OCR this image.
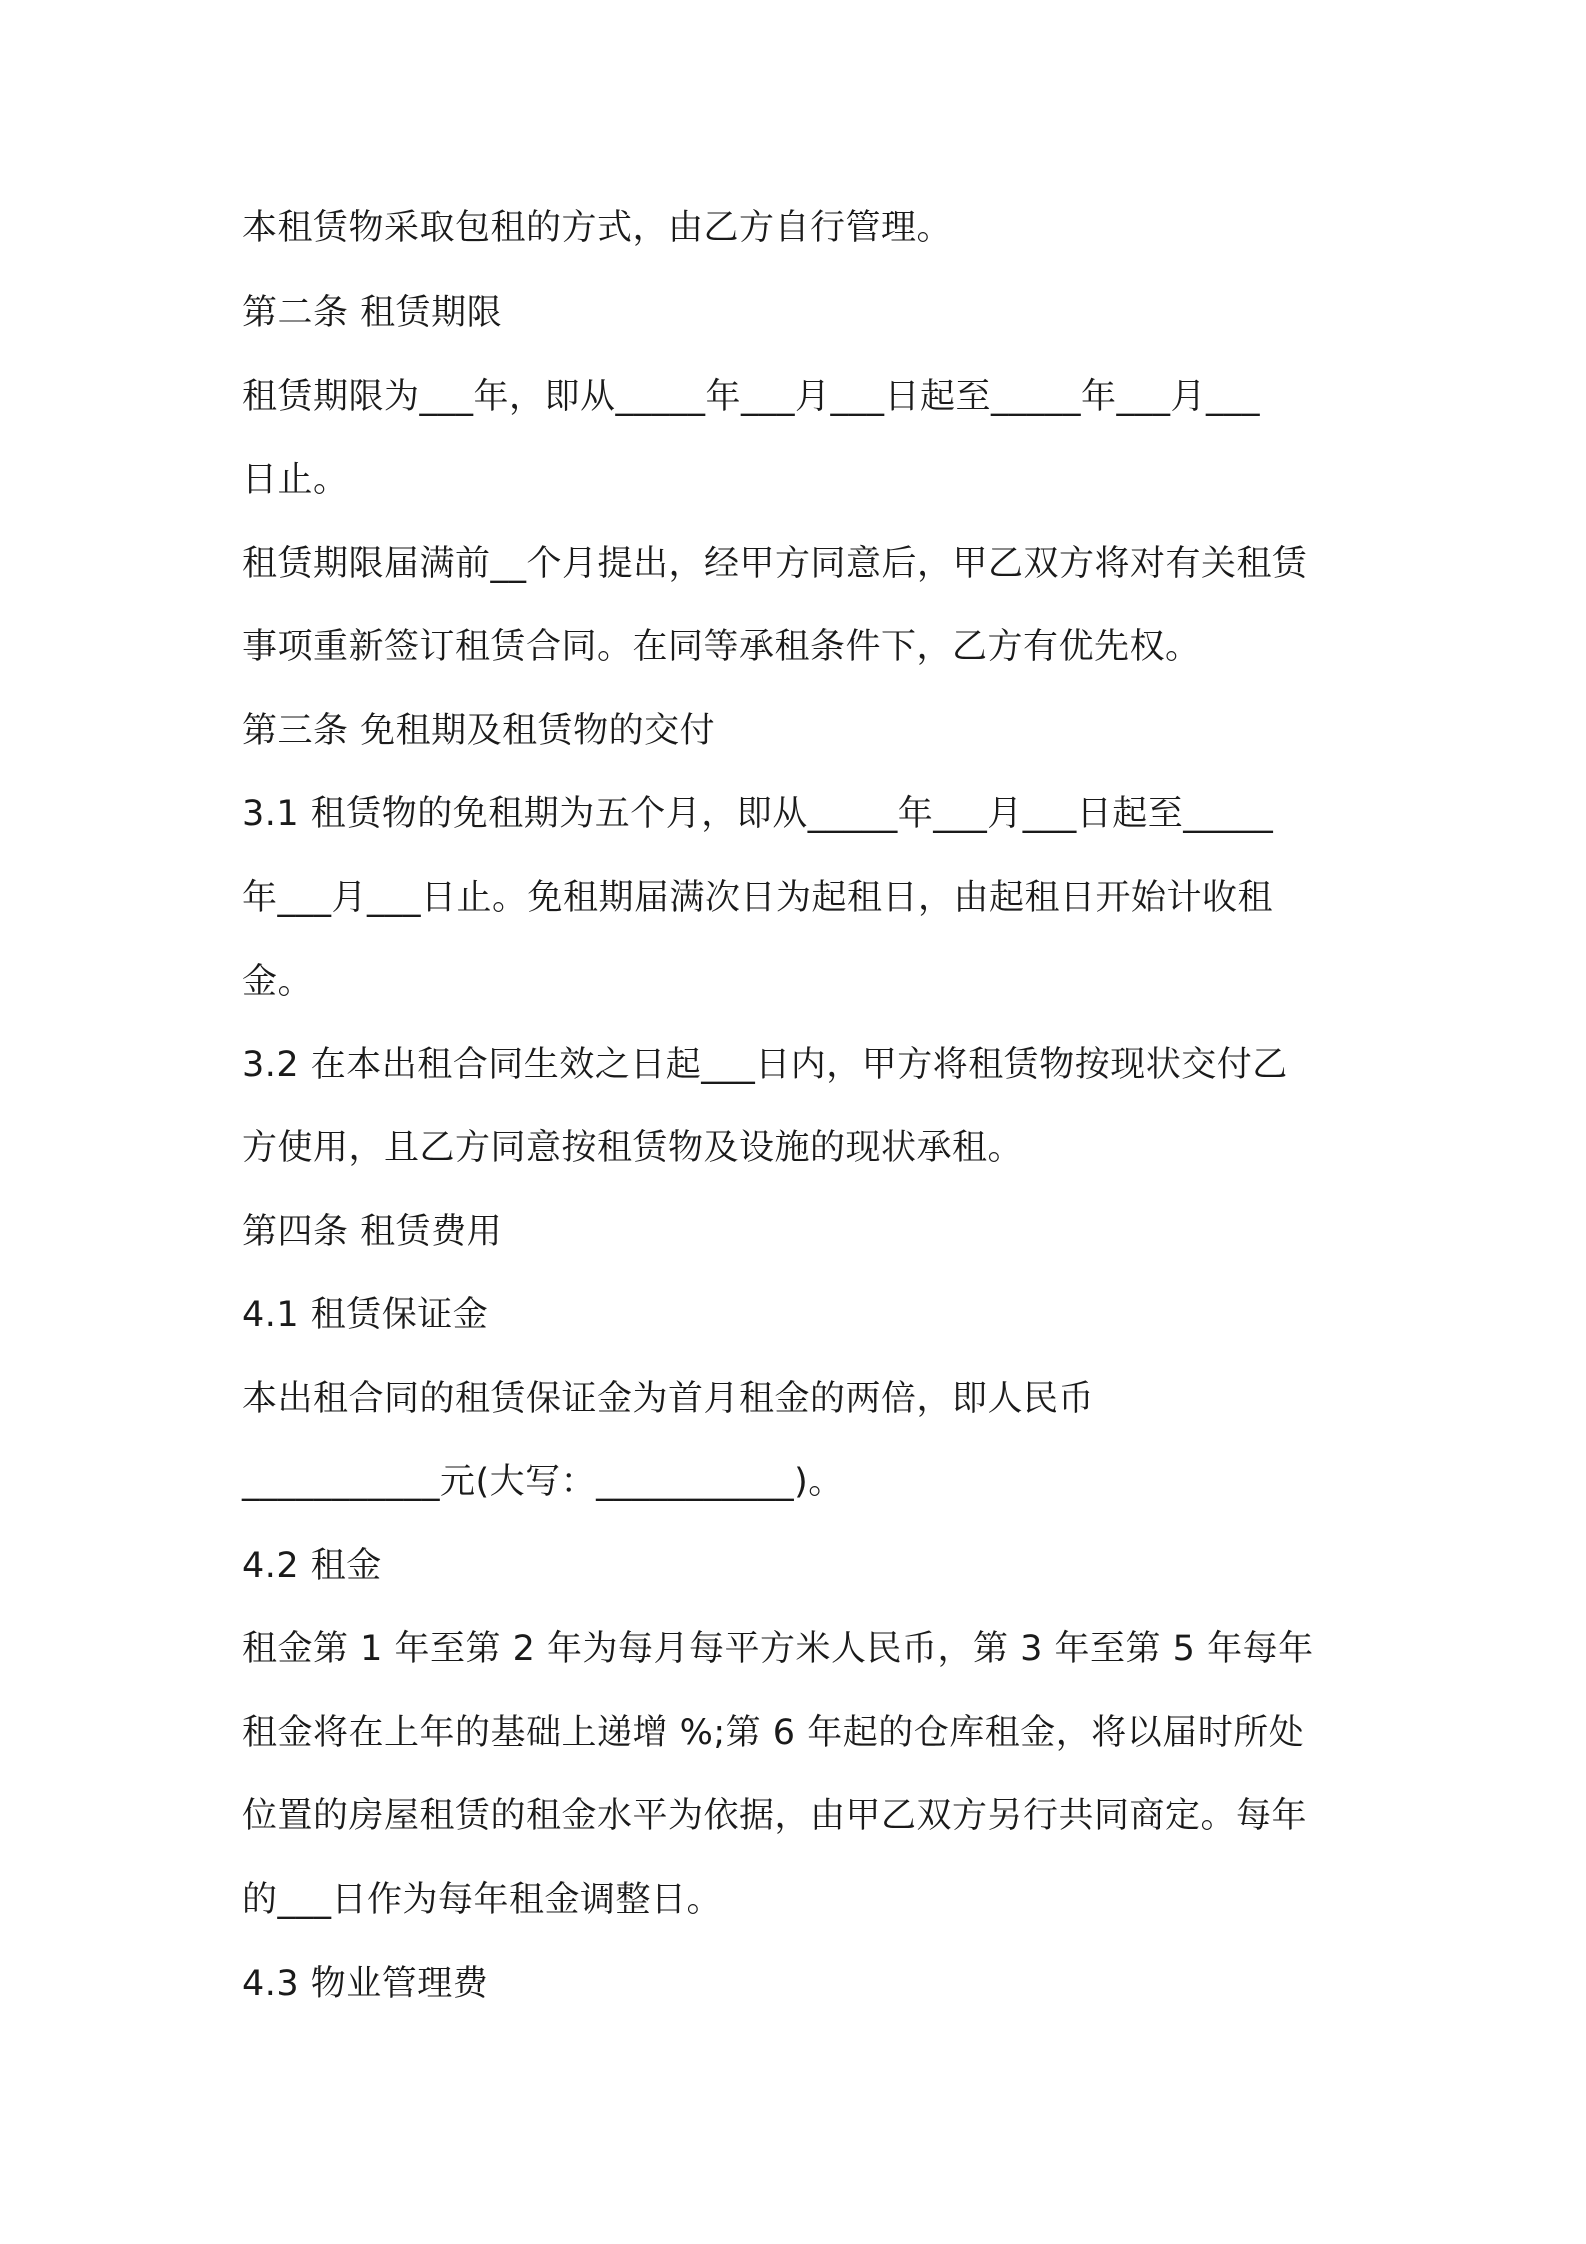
本租赁物采取包租的方式，由乙方自行管理。
第二条 租赁期限
租赁期限为___年，即从_____年___月___日起至_____年___月___
日止。
租赁期限届满前__个月提出，经甲方同意后，甲乙双方将对有关租赁
事项重新签订租赁合同。在同等承租条件下，乙方有优先权。
第三条 免租期及租赁物的交付
3.1 租赁物的免租期为五个月，即从_____年___月___日起至_____
年___月___日止。免租期届满次日为起租日，由起租日开始计收租
金。
3.2 在本出租合同生效之日起___日内，甲方将租赁物按现状交付乙
方使用，且乙方同意按租赁物及设施的现状承租。
第四条 租赁费用
4.1 租赁保证金
本出租合同的租赁保证金为首月租金的两倍，即人民币
___________元(大写：___________)。
4.2 租金
租金第 1 年至第 2 年为每月每平方米人民币，第 3 年至第 5 年每年
租金将在上年的基础上递增 %;第 6 年起的仓库租金，将以届时所处
位置的房屋租赁的租金水平为依据，由甲乙双方另行共同商定。每年
的___日作为每年租金调整日。
4.3 物业管理费
